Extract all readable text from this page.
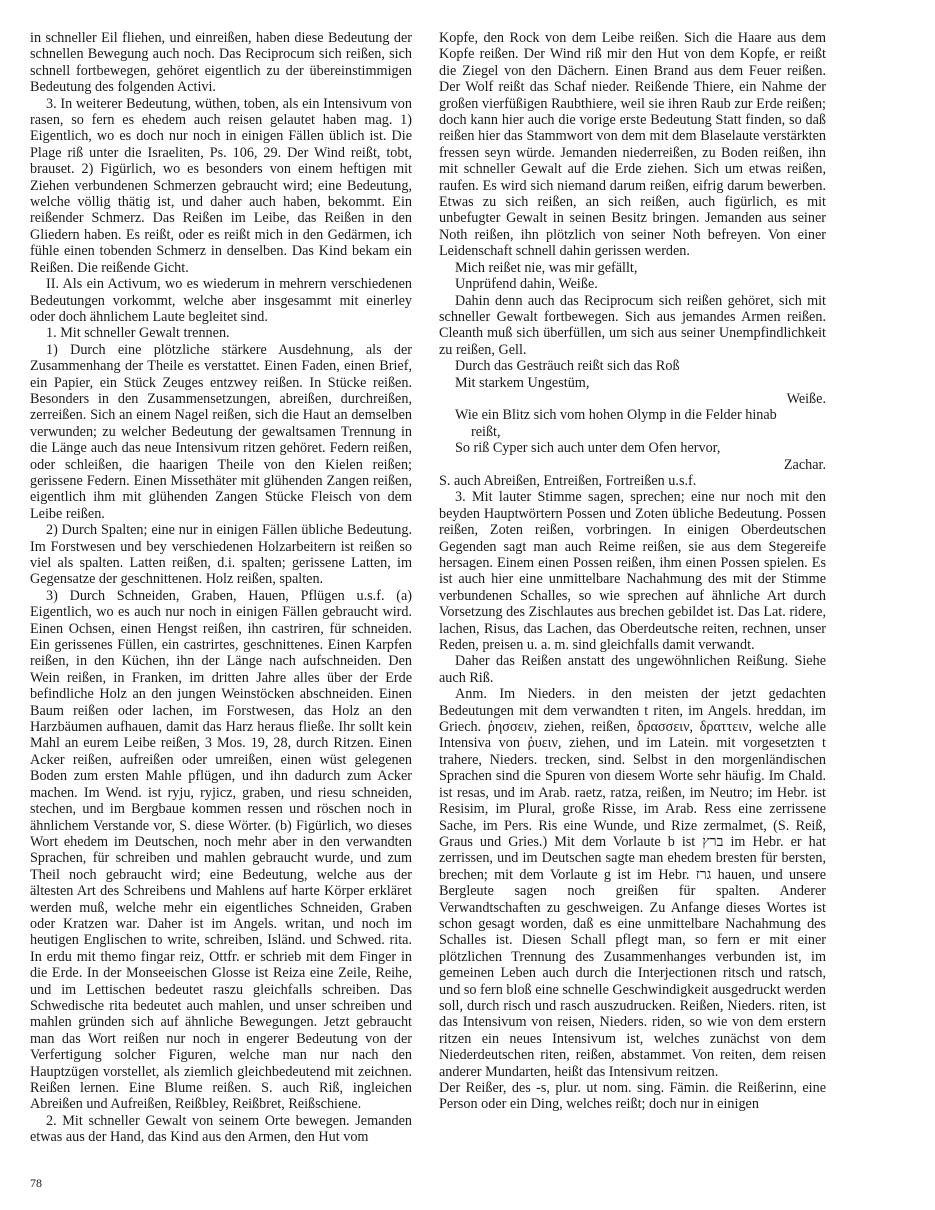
in schneller Eil fliehen, und einreißen, haben diese Bedeutung der schnellen Bewegung auch noch. Das Reciprocum sich reißen, sich schnell fortbewegen, gehöret eigentlich zu der übereinstimmigen Bedeutung des folgenden Activi.

3. In weiterer Bedeutung, wüthen, toben, als ein Intensivum von rasen, so fern es ehedem auch reisen gelautet haben mag. 1) Eigentlich, wo es doch nur noch in einigen Fällen üblich ist. Die Plage riß unter die Israeliten, Ps. 106, 29. Der Wind reißt, tobt, brauset. 2) Figürlich, wo es besonders von einem heftigen mit Ziehen verbundenen Schmerzen gebraucht wird; eine Bedeutung, welche völlig thätig ist, und daher auch haben, bekommt. Ein reißender Schmerz. Das Reißen im Leibe, das Reißen in den Gliedern haben. Es reißt, oder es reißt mich in den Gedärmen, ich fühle einen tobenden Schmerz in denselben. Das Kind bekam ein Reißen. Die reißende Gicht.

II. Als ein Activum, wo es wiederum in mehrern verschiedenen Bedeutungen vorkommt, welche aber insgesammt mit einerley oder doch ähnlichem Laute begleitet sind.

1. Mit schneller Gewalt trennen.

1) Durch eine plötzliche stärkere Ausdehnung, als der Zusammenhang der Theile es verstattet. Einen Faden, einen Brief, ein Papier, ein Stück Zeuges entzwey reißen. In Stücke reißen. Besonders in den Zusammensetzungen, abreißen, durchreißen, zerreißen. Sich an einem Nagel reißen, sich die Haut an demselben verwunden; zu welcher Bedeutung der gewaltsamen Trennung in die Länge auch das neue Intensivum ritzen gehöret. Federn reißen, oder schleißen, die haarigen Theile von den Kielen reißen; gerissene Federn. Einen Missethäter mit glühenden Zangen reißen, eigentlich ihm mit glühenden Zangen Stücke Fleisch von dem Leibe reißen.

2) Durch Spalten; eine nur in einigen Fällen übliche Bedeutung. Im Forstwesen und bey verschiedenen Holzarbeitern ist reißen so viel als spalten. Latten reißen, d.i. spalten; gerissene Latten, im Gegensatze der geschnittenen. Holz reißen, spalten.

3) Durch Schneiden, Graben, Hauen, Pflügen u.s.f. (a) Eigentlich, wo es auch nur noch in einigen Fällen gebraucht wird. Einen Ochsen, einen Hengst reißen, ihn castriren, für schneiden. Ein gerissenes Füllen, ein castrirtes, geschnittenes. Einen Karpfen reißen, in den Küchen, ihn der Länge nach aufschneiden. Den Wein reißen, in Franken, im dritten Jahre alles über der Erde befindliche Holz an den jungen Weinstöcken abschneiden. Einen Baum reißen oder lachen, im Forstwesen, das Holz an den Harzbäumen aufhauen, damit das Harz heraus fließe. Ihr sollt kein Mahl an eurem Leibe reißen, 3 Mos. 19, 28, durch Ritzen. Einen Acker reißen, aufreißen oder umreißen, einen wüst gelegenen Boden zum ersten Mahle pflügen, und ihn dadurch zum Acker machen. Im Wend. ist ryju, ryjicz, graben, und riesu schneiden, stechen, und im Bergbaue kommen ressen und röschen noch in ähnlichem Verstande vor, S. diese Wörter. (b) Figürlich, wo dieses Wort ehedem im Deutschen, noch mehr aber in den verwandten Sprachen, für schreiben und mahlen gebraucht wurde, und zum Theil noch gebraucht wird; eine Bedeutung, welche aus der ältesten Art des Schreibens und Mahlens auf harte Körper erkläret werden muß, welche mehr ein eigentliches Schneiden, Graben oder Kratzen war. Daher ist im Angels. writan, und noch im heutigen Englischen to write, schreiben, Isländ. und Schwed. rita. In erdu mit themo fingar reiz, Ottfr. er schrieb mit dem Finger in die Erde. In der Monseeischen Glosse ist Reiza eine Zeile, Reihe, und im Lettischen bedeutet raszu gleichfalls schreiben. Das Schwedische rita bedeutet auch mahlen, und unser schreiben und mahlen gründen sich auf ähnliche Bewegungen. Jetzt gebraucht man das Wort reißen nur noch in engerer Bedeutung von der Verfertigung solcher Figuren, welche man nur nach den Hauptzügen vorstellet, als ziemlich gleichbedeutend mit zeichnen. Reißen lernen. Eine Blume reißen. S. auch Riß, ingleichen Abreißen und Aufreißen, Reißbley, Reißbret, Reißschiene.

2. Mit schneller Gewalt von seinem Orte bewegen. Jemanden etwas aus der Hand, das Kind aus den Armen, den Hut vom

Kopfe, den Rock von dem Leibe reißen. Sich die Haare aus dem Kopfe reißen. Der Wind riß mir den Hut von dem Kopfe, er reißt die Ziegel von den Dächern. Einen Brand aus dem Feuer reißen. Der Wolf reißt das Schaf nieder. Reißende Thiere, ein Nahme der großen vierfüßigen Raubthiere, weil sie ihren Raub zur Erde reißen; doch kann hier auch die vorige erste Bedeutung Statt finden, so daß reißen hier das Stammwort von dem mit dem Blaselaute verstärkten fressen seyn würde. Jemanden niederreißen, zu Boden reißen, ihn mit schneller Gewalt auf die Erde ziehen. Sich um etwas reißen, raufen. Es wird sich niemand darum reißen, eifrig darum bewerben. Etwas zu sich reißen, an sich reißen, auch figürlich, es mit unbefugter Gewalt in seinen Besitz bringen. Jemanden aus seiner Noth reißen, ihn plötzlich von seiner Noth befreyen. Von einer Leidenschaft schnell dahin gerissen werden.

Mich reißet nie, was mir gefällt,

Unprüfend dahin, Weiße.

Dahin denn auch das Reciprocum sich reißen gehöret, sich mit schneller Gewalt fortbewegen. Sich aus jemandes Armen reißen. Cleanth muß sich überfüllen, um sich aus seiner Unempfindlichkeit zu reißen, Gell.

Durch das Gesträuch reißt sich das Roß

Mit starkem Ungestüm,

Weiße.

Wie ein Blitz sich vom hohen Olymp in die Felder hinab

reißt,

So riß Cyper sich auch unter dem Ofen hervor,

Zachar.

S. auch Abreißen, Entreißen, Fortreißen u.s.f.

3. Mit lauter Stimme sagen, sprechen; eine nur noch mit den beyden Hauptwörtern Possen und Zoten übliche Bedeutung. Possen reißen, Zoten reißen, vorbringen. In einigen Oberdeutschen Gegenden sagt man auch Reime reißen, sie aus dem Stegereife hersagen. Einem einen Possen reißen, ihm einen Possen spielen. Es ist auch hier eine unmittelbare Nachahmung des mit der Stimme verbundenen Schalles, so wie sprechen auf ähnliche Art durch Vorsetzung des Zischlautes aus brechen gebildet ist. Das Lat. ridere, lachen, Risus, das Lachen, das Oberdeutsche reiten, rechnen, unser Reden, preisen u. a. m. sind gleichfalls damit verwandt.

Daher das Reißen anstatt des ungewöhnlichen Reißung. Siehe auch Riß.

Anm. Im Nieders. in den meisten der jetzt gedachten Bedeutungen mit dem verwandten t riten, im Angels. hreddan, im Griech. ῥησσειν, ziehen, reißen, δρασσειν, δραττειν, welche alle Intensiva von ῥυειν, ziehen, und im Latein. mit vorgesetzten t trahere, Nieders. trecken, sind. Selbst in den morgenländischen Sprachen sind die Spuren von diesem Worte sehr häufig. Im Chald. ist resas, und im Arab. raetz, ratza, reißen, im Neutro; im Hebr. ist Resisim, im Plural, große Risse, im Arab. Ress eine zerrissene Sache, im Pers. Ris eine Wunde, und Rize zermalmet, (S. Reiß, Graus und Gries.) Mit dem Vorlaute b ist ברץ im Hebr. er hat zerrissen, und im Deutschen sagte man ehedem bresten für bersten, brechen; mit dem Vorlaute g ist im Hebr. גרז hauen, und unsere Bergleute sagen noch greißen für spalten. Anderer Verwandtschaften zu geschweigen. Zu Anfange dieses Wortes ist schon gesagt worden, daß es eine unmittelbare Nachahmung des Schalles ist. Diesen Schall pflegt man, so fern er mit einer plötzlichen Trennung des Zusammenhanges verbunden ist, im gemeinen Leben auch durch die Interjectionen ritsch und ratsch, und so fern bloß eine schnelle Geschwindigkeit ausgedruckt werden soll, durch risch und rasch auszudrucken. Reißen, Nieders. riten, ist das Intensivum von reisen, Nieders. riden, so wie von dem erstern ritzen ein neues Intensivum ist, welches zunächst von dem Niederdeutschen riten, reißen, abstammet. Von reiten, dem reisen anderer Mundarten, heißt das Intensivum reitzen.

Der Reißer, des -s, plur. ut nom. sing. Fämin. die Reißerinn, eine Person oder ein Ding, welches reißt; doch nur in einigen

78
